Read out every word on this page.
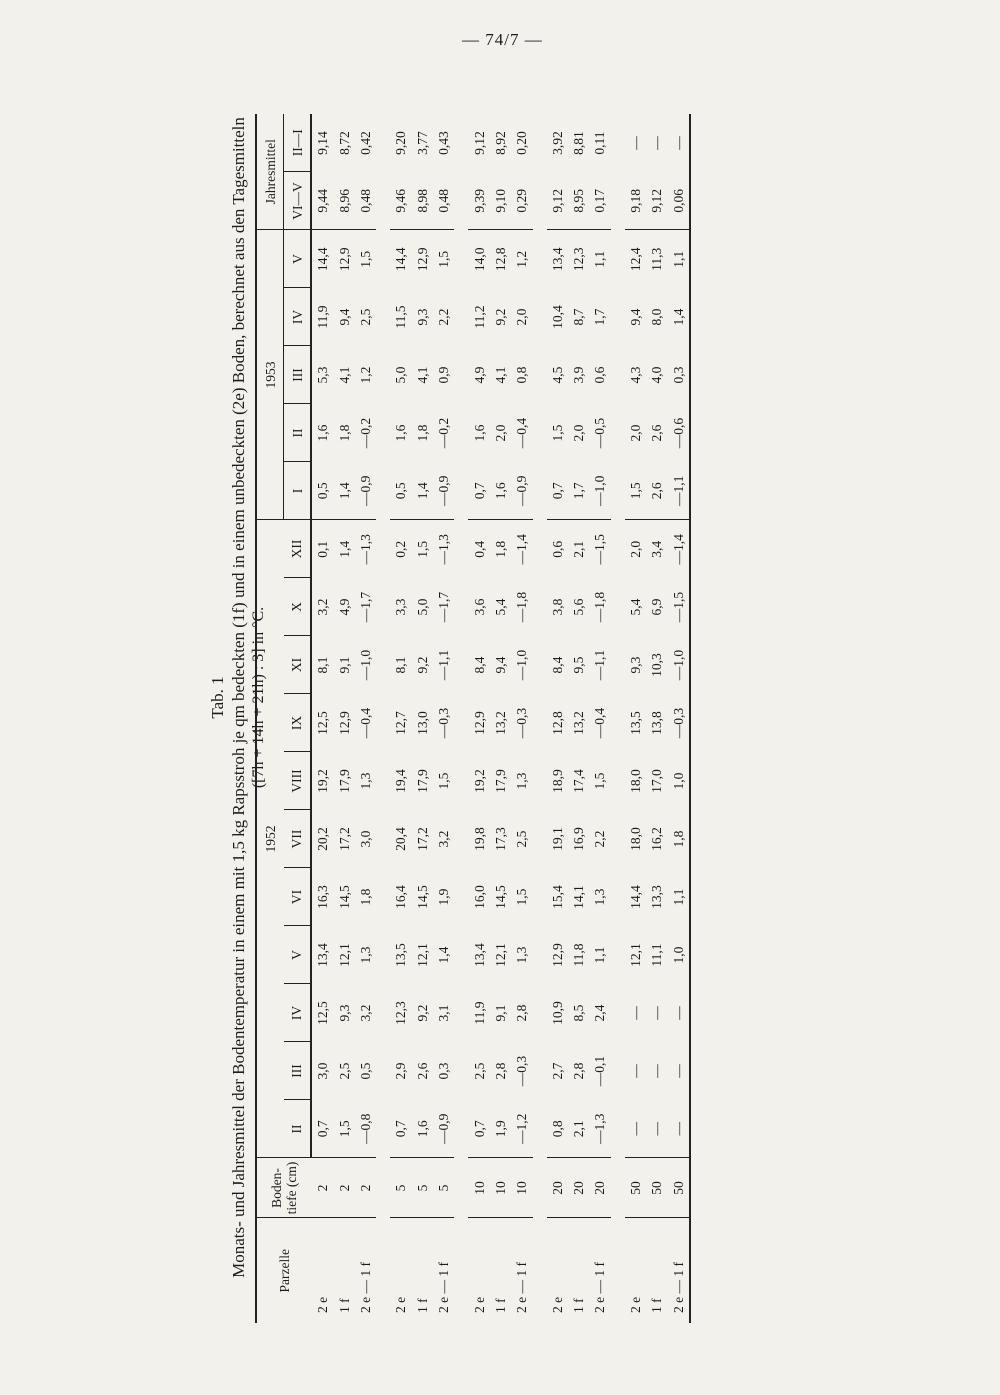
— 74/7 —
Tab. 1 Monats- und Jahresmittel der Bodentemperatur in einem mit 1,5 kg Rapsstroh je qm bedeckten (1f) und in einem unbedeckten (2e) Boden, berechnet aus den Tagesmitteln ([7h + 14h + 21h) : 3] in °C.
Parzelle	Boden-tiefe (cm)	1952											1953					Jahresmittel	
		II	III	IV	V	VI	VII	VIII	IX	XI	X	XII	I	II	III	IV	V	VI—V	II—I
2 e	2	0,7	3,0	12,5	13,4	16,3	20,2	19,2	12,5	8,1	3,2	0,1	0,5	1,6	5,3	11,9	14,4	9,44	9,14
1 f	2	1,5	2,5	9,3	12,1	14,5	17,2	17,9	12,9	9,1	4,9	1,4	1,4	1,8	4,1	9,4	12,9	8,96	8,72
2 e — 1 f	2	—0,8	0,5	3,2	1,3	1,8	3,0	1,3	—0,4	—1,0	—1,7	—1,3	—0,9	—0,2	1,2	2,5	1,5	0,48	0,42

2 e	5	0,7	2,9	12,3	13,5	16,4	20,4	19,4	12,7	8,1	3,3	0,2	0,5	1,6	5,0	11,5	14,4	9,46	9,20
1 f	5	1,6	2,6	9,2	12,1	14,5	17,2	17,9	13,0	9,2	5,0	1,5	1,4	1,8	4,1	9,3	12,9	8,98	3,77
2 e — 1 f	5	—0,9	0,3	3,1	1,4	1,9	3,2	1,5	—0,3	—1,1	—1,7	—1,3	—0,9	—0,2	0,9	2,2	1,5	0,48	0,43

2 e	10	0,7	2,5	11,9	13,4	16,0	19,8	19,2	12,9	8,4	3,6	0,4	0,7	1,6	4,9	11,2	14,0	9,39	9,12
1 f	10	1,9	2,8	9,1	12,1	14,5	17,3	17,9	13,2	9,4	5,4	1,8	1,6	2,0	4,1	9,2	12,8	9,10	8,92
2 e — 1 f	10	—1,2	—0,3	2,8	1,3	1,5	2,5	1,3	—0,3	—1,0	—1,8	—1,4	—0,9	—0,4	0,8	2,0	1,2	0,29	0,20

2 e	20	0,8	2,7	10,9	12,9	15,4	19,1	18,9	12,8	8,4	3,8	0,6	0,7	1,5	4,5	10,4	13,4	9,12	3,92
1 f	20	2,1	2,8	8,5	11,8	14,1	16,9	17,4	13,2	9,5	5,6	2,1	1,7	2,0	3,9	8,7	12,3	8,95	8,81
2 e — 1 f	20	—1,3	—0,1	2,4	1,1	1,3	2,2	1,5	—0,4	—1,1	—1,8	—1,5	—1,0	—0,5	0,6	1,7	1,1	0,17	0,11

2 e	50	—	—	—	12,1	14,4	18,0	18,0	13,5	9,3	5,4	2,0	1,5	2,0	4,3	9,4	12,4	9,18	—
1 f	50	—	—	—	11,1	13,3	16,2	17,0	13,8	10,3	6,9	3,4	2,6	2,6	4,0	8,0	11,3	9,12	—
2 e — 1 f	50	—	—	—	1,0	1,1	1,8	1,0	—0,3	—1,0	—1,5	—1,4	—1,1	—0,6	0,3	1,4	1,1	0,06	—
